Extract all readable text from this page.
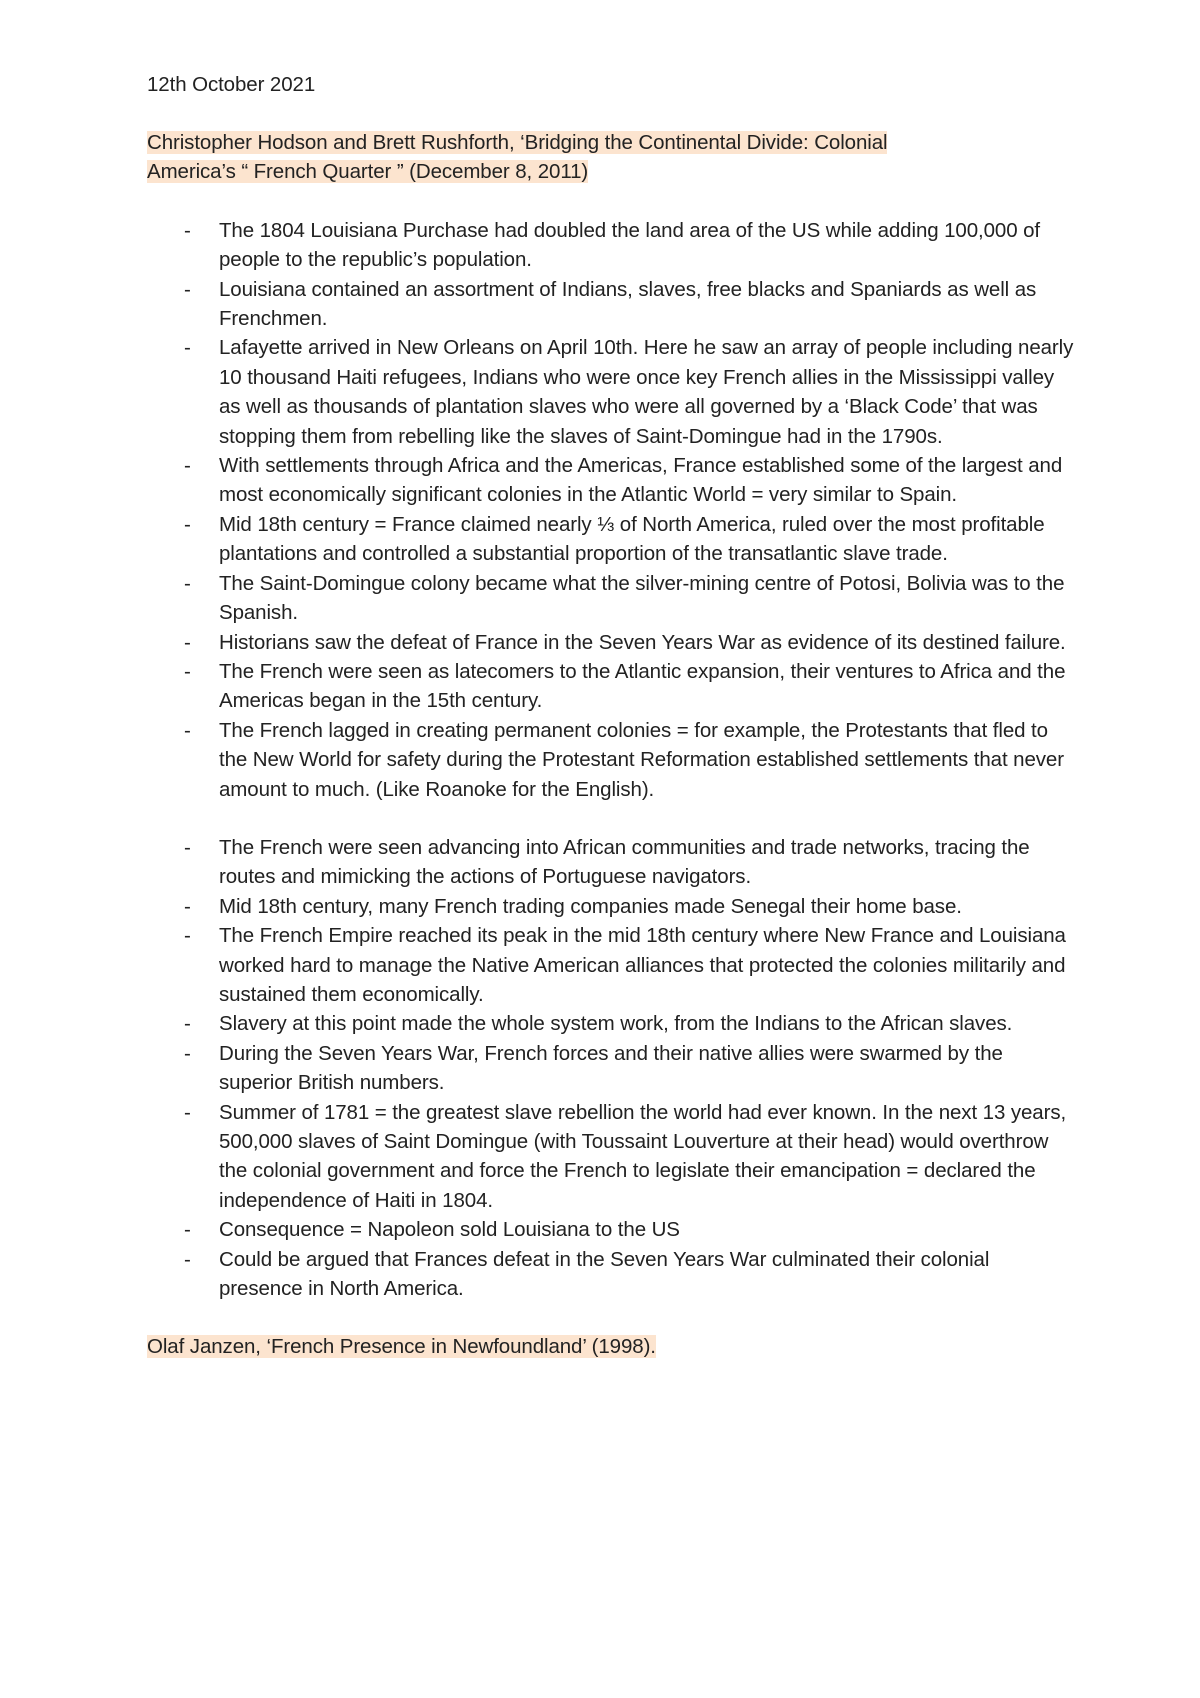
12th October 2021

Christopher Hodson and Brett Rushforth, ‘Bridging the Continental Divide: Colonial
America’s “ French Quarter ” (December 8, 2011)

- The 1804 Louisiana Purchase had doubled the land area of the US while adding 100,000 of people to the republic’s population.
- Louisiana contained an assortment of Indians, slaves, free blacks and Spaniards as well as Frenchmen.
- Lafayette arrived in New Orleans on April 10th. Here he saw an array of people including nearly 10 thousand Haiti refugees, Indians who were once key French allies in the Mississippi valley as well as thousands of plantation slaves who were all governed by a ‘Black Code’ that was stopping them from rebelling like the slaves of Saint-Domingue had in the 1790s.
- With settlements through Africa and the Americas, France established some of the largest and most economically significant colonies in the Atlantic World = very similar to Spain.
- Mid 18th century = France claimed nearly ⅓ of North America, ruled over the most profitable plantations and controlled a substantial proportion of the transatlantic slave trade.
- The Saint-Domingue colony became what the silver-mining centre of Potosi, Bolivia was to the Spanish.
- Historians saw the defeat of France in the Seven Years War as evidence of its destined failure.
- The French were seen as latecomers to the Atlantic expansion, their ventures to Africa and the Americas began in the 15th century.
- The French lagged in creating permanent colonies = for example, the Protestants that fled to the New World for safety during the Protestant Reformation established settlements that never amount to much. (Like Roanoke for the English).
- The French were seen advancing into African communities and trade networks, tracing the routes and mimicking the actions of Portuguese navigators.
- Mid 18th century, many French trading companies made Senegal their home base.
- The French Empire reached its peak in the mid 18th century where New France and Louisiana worked hard to manage the Native American alliances that protected the colonies militarily and sustained them economically.
- Slavery at this point made the whole system work, from the Indians to the African slaves.
- During the Seven Years War, French forces and their native allies were swarmed by the superior British numbers.
- Summer of 1781 = the greatest slave rebellion the world had ever known. In the next 13 years, 500,000 slaves of Saint Domingue (with Toussaint Louverture at their head) would overthrow the colonial government and force the French to legislate their emancipation = declared the independence of Haiti in 1804.
- Consequence = Napoleon sold Louisiana to the US
- Could be argued that Frances defeat in the Seven Years War culminated their colonial presence in North America.

Olaf Janzen, ‘French Presence in Newfoundland’ (1998).
